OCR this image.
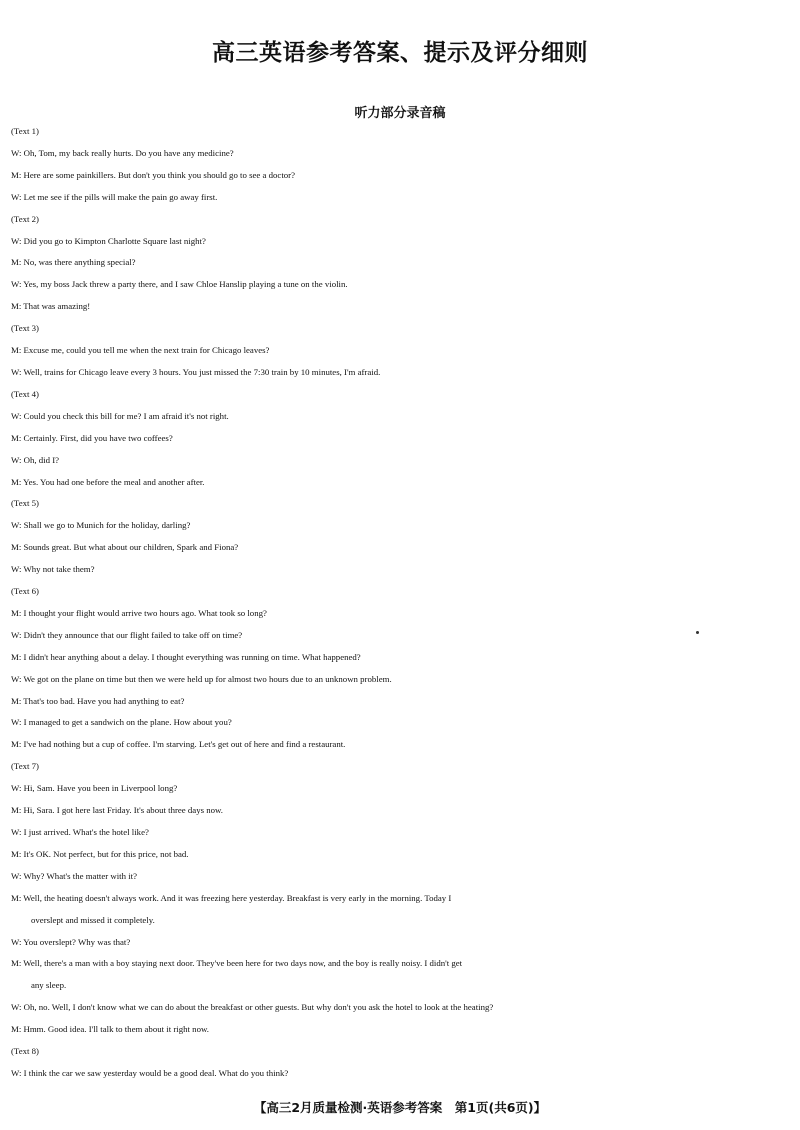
高三英语参考答案、提示及评分细则
听力部分录音稿
(Text 1)
W: Oh, Tom, my back really hurts. Do you have any medicine?
M: Here are some painkillers. But don't you think you should go to see a doctor?
W: Let me see if the pills will make the pain go away first.
(Text 2)
W: Did you go to Kimpton Charlotte Square last night?
M: No, was there anything special?
W: Yes, my boss Jack threw a party there, and I saw Chloe Hanslip playing a tune on the violin.
M: That was amazing!
(Text 3)
M: Excuse me, could you tell me when the next train for Chicago leaves?
W: Well, trains for Chicago leave every 3 hours. You just missed the 7:30 train by 10 minutes, I'm afraid.
(Text 4)
W: Could you check this bill for me? I am afraid it's not right.
M: Certainly. First, did you have two coffees?
W: Oh, did I?
M: Yes. You had one before the meal and another after.
(Text 5)
W: Shall we go to Munich for the holiday, darling?
M: Sounds great. But what about our children, Spark and Fiona?
W: Why not take them?
(Text 6)
M: I thought your flight would arrive two hours ago. What took so long?
W: Didn't they announce that our flight failed to take off on time?
M: I didn't hear anything about a delay. I thought everything was running on time. What happened?
W: We got on the plane on time but then we were held up for almost two hours due to an unknown problem.
M: That's too bad. Have you had anything to eat?
W: I managed to get a sandwich on the plane. How about you?
M: I've had nothing but a cup of coffee. I'm starving. Let's get out of here and find a restaurant.
(Text 7)
W: Hi, Sam. Have you been in Liverpool long?
M: Hi, Sara. I got here last Friday. It's about three days now.
W: I just arrived. What's the hotel like?
M: It's OK. Not perfect, but for this price, not bad.
W: Why? What's the matter with it?
M: Well, the heating doesn't always work. And it was freezing here yesterday. Breakfast is very early in the morning. Today I
overslept and missed it completely.
W: You overslept? Why was that?
M: Well, there's a man with a boy staying next door. They've been here for two days now, and the boy is really noisy. I didn't get
any sleep.
W: Oh, no. Well, I don't know what we can do about the breakfast or other guests. But why don't you ask the hotel to look at the heating?
M: Hmm. Good idea. I'll talk to them about it right now.
(Text 8)
W: I think the car we saw yesterday would be a good deal. What do you think?
【高三2月质量检测·英语参考答案　第1页(共6页)】
